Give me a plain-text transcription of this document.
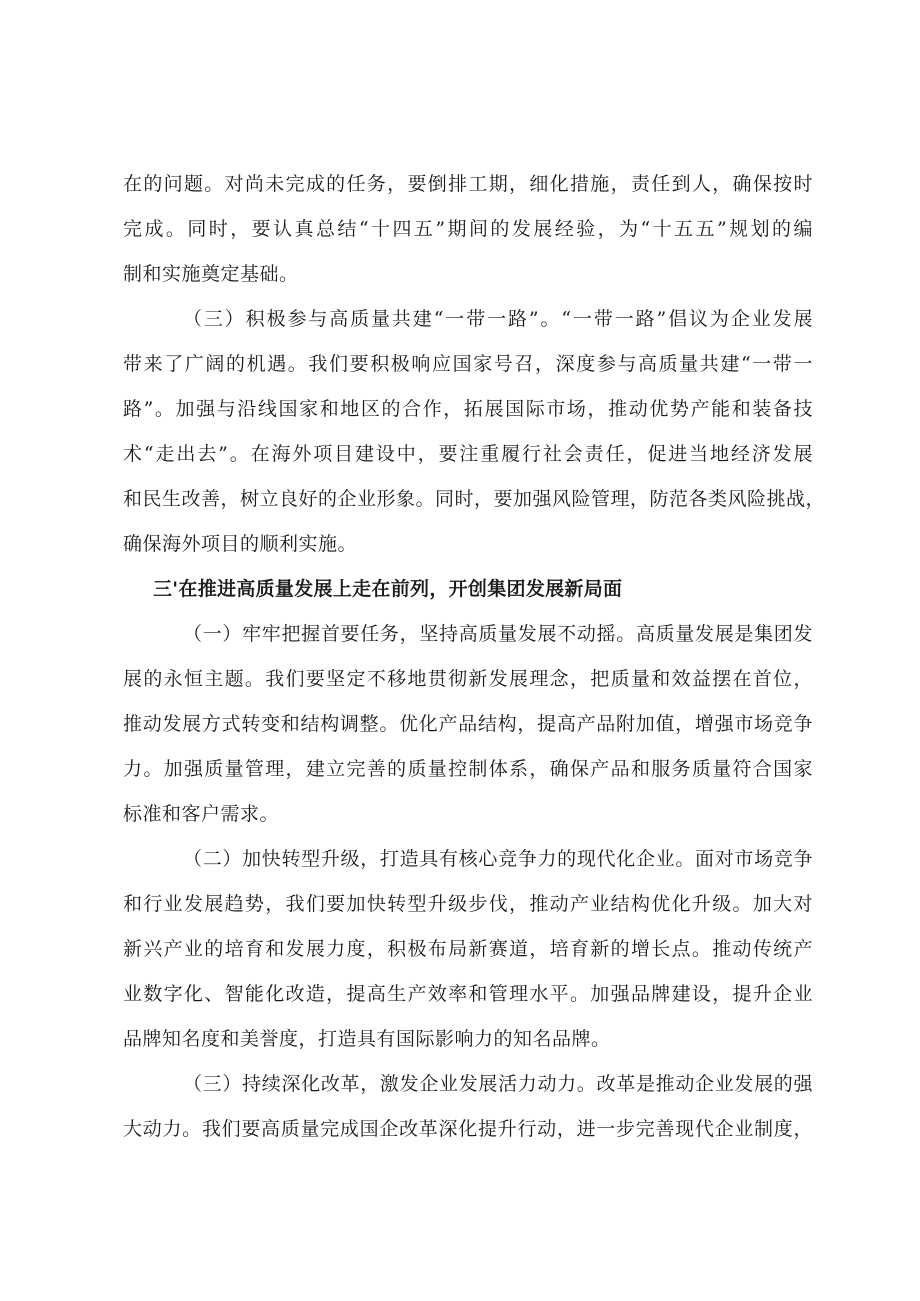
在的问题。对尚未完成的任务，要倒排工期，细化措施，责任到人，确保按时
完成。同时，要认真总结“十四五”期间的发展经验，为“十五五”规划的编
制和实施奠定基础。
（三）积极参与高质量共建“一带一路”。“一带一路”倡议为企业发展
带来了广阔的机遇。我们要积极响应国家号召，深度参与高质量共建“一带一
路”。加强与沿线国家和地区的合作，拓展国际市场，推动优势产能和装备技
术“走出去”。在海外项目建设中，要注重履行社会责任，促进当地经济发展
和民生改善，树立良好的企业形象。同时，要加强风险管理，防范各类风险挑战，
确保海外项目的顺利实施。
三'在推进高质量发展上走在前列，开创集团发展新局面
（一）牢牢把握首要任务，坚持高质量发展不动摇。高质量发展是集团发
展的永恒主题。我们要坚定不移地贯彻新发展理念，把质量和效益摆在首位，
推动发展方式转变和结构调整。优化产品结构，提高产品附加值，增强市场竞争
力。加强质量管理，建立完善的质量控制体系，确保产品和服务质量符合国家
标准和客户需求。
（二）加快转型升级，打造具有核心竞争力的现代化企业。面对市场竞争
和行业发展趋势，我们要加快转型升级步伐，推动产业结构优化升级。加大对
新兴产业的培育和发展力度，积极布局新赛道，培育新的增长点。推动传统产
业数字化、智能化改造，提高生产效率和管理水平。加强品牌建设，提升企业
品牌知名度和美誉度，打造具有国际影响力的知名品牌。
（三）持续深化改革，激发企业发展活力动力。改革是推动企业发展的强
大动力。我们要高质量完成国企改革深化提升行动，进一步完善现代企业制度，
